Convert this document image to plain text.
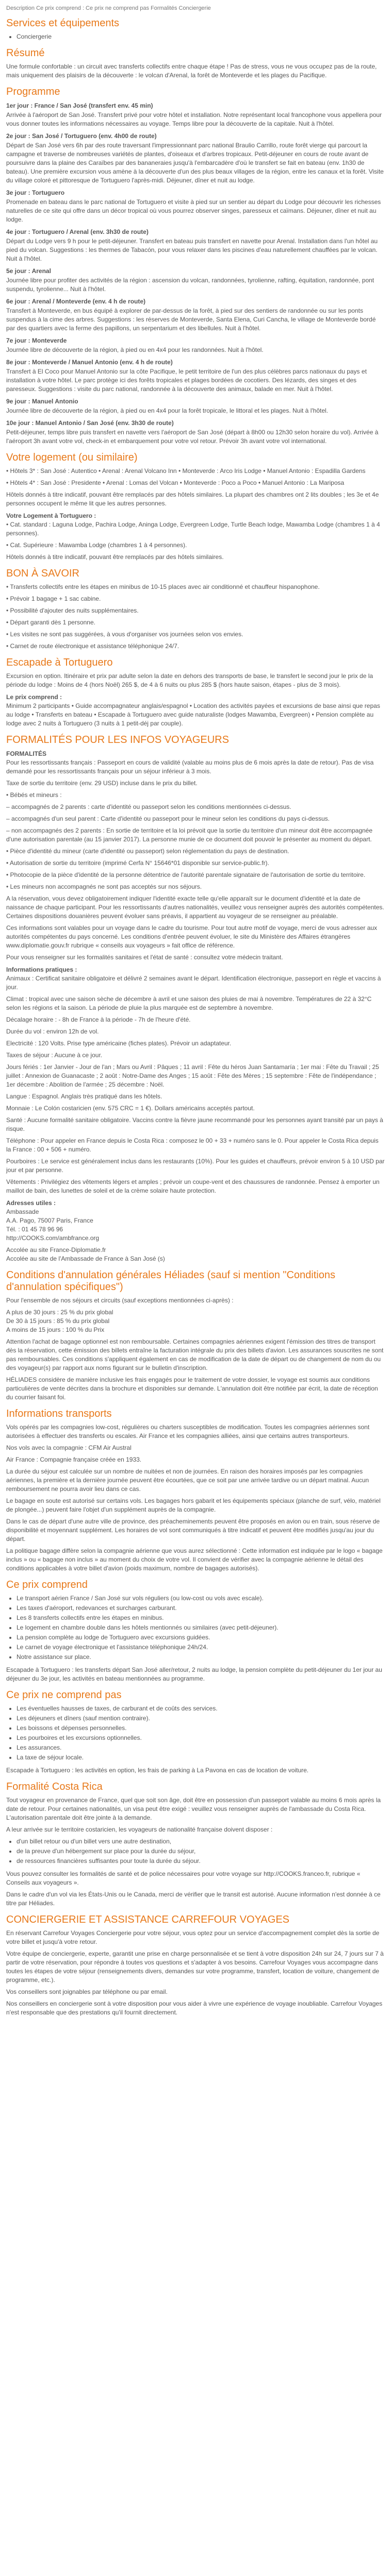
Description Ce prix comprend : Ce prix ne comprend pas Formalités Conciergerie

Services et équipements
• Conciergerie
Résumé

Une formule confortable : un circuit avec transferts collectifs entre chaque étape ! Pas de stress, vous ne vous occupez pas de la route, mais uniquement des plaisirs de la découverte : le volcan d'Arenal, la forêt de Monteverde et les plages du Pacifique.

Programme
1er jour : France / San José (transfert env. 45 min)

Arrivée à l'aéroport de San José. Transfert privé pour votre hôtel et installation. Notre représentant local francophone vous appellera pour vous donner toutes les informations nécessaires au voyage. Temps libre pour la découverte de la capitale. Nuit à l'hôtel.

2e jour : San José / Tortuguero (env. 4h00 de route)

Départ de San José vers 6h par des route traversant l'impressionnant parc national Braulio Carrillo, route forêt vierge qui parcourt la campagne et traverse de nombreuses variétés de plantes, d'oiseaux et d'arbres tropicaux. Petit-déjeuner en cours de route avant de poursuivre dans la plaine des Caraïbes par des bananeraies jusqu'à l'embarcadère d'où le transfert se fait en bateau (env. 1h30 de bateau). Une première excursion vous amène à la découverte d'un des plus beaux villages de la région, entre les canaux et la forêt. Visite du village coloré et pittoresque de Tortuguero l'après-midi. Déjeuner, dîner et nuit au lodge.

3e jour : Tortuguero

Promenade en bateau dans le parc national de Tortuguero et visite à pied sur un sentier au départ du Lodge pour découvrir les richesses naturelles de ce site qui offre dans un décor tropical où vous pourrez observer singes, paresseux et caïmans. Déjeuner, dîner et nuit au lodge.

4e jour : Tortuguero / Arenal (env. 3h30 de route)

Départ du Lodge vers 9 h pour le petit-déjeuner. Transfert en bateau puis transfert en navette pour Arenal. Installation dans l'un hôtel au pied du volcan. Suggestions : les thermes de Tabacón, pour vous relaxer dans les piscines d'eau naturellement chauffées par le volcan. Nuit à l'hôtel.

5e jour : Arenal

Journée libre pour profiter des activités de la région : ascension du volcan, randonnées, tyrolienne, rafting, équitation, randonnée, pont suspendu, tyrolienne... Nuit à l'hôtel.

6e jour : Arenal / Monteverde (env. 4 h de route)

Transfert à Monteverde, en bus équipé à explorer de par-dessus de la forêt, à pied sur des sentiers de randonnée ou sur les ponts suspendus à la cime des arbres. Suggestions : les réserves de Monteverde, Santa Elena, Curi Cancha, le village de Monteverde bordé par des quartiers avec la ferme des papillons, un serpentarium et des libellules. Nuit à l'hôtel.

7e jour : Monteverde

Journée libre de découverte de la région, à pied ou en 4x4 pour les randonnées. Nuit à l'hôtel.

8e jour : Monteverde / Manuel Antonio (env. 4 h de route)

Transfert à El Coco pour Manuel Antonio sur la côte Pacifique, le petit territoire de l'un des plus célèbres parcs nationaux du pays et installation à votre hôtel. Le parc protège ici des forêts tropicales et plages bordées de cocotiers. Des lézards, des singes et des paresseux. Suggestions : visite du parc national, randonnée à la découverte des animaux, balade en mer. Nuit à l'hôtel.

9e jour : Manuel Antonio

Journée libre de découverte de la région, à pied ou en 4x4 pour la forêt tropicale, le littoral et les plages. Nuit à l'hôtel.

10e jour : Manuel Antonio / San José (env. 3h30 de route)

Petit-déjeuner, temps libre puis transfert en navette vers l'aéroport de San José (départ à 8h00 ou 12h30 selon horaire du vol). Arrivée à l'aéroport 3h avant votre vol, check-in et embarquement pour votre vol retour. Prévoir 3h avant votre vol international.

Votre logement (ou similaire)

• Hôtels 3* : San José : Autentico • Arenal : Arenal Volcano Inn • Monteverde : Arco Iris Lodge • Manuel Antonio : Espadilla Gardens

• Hôtels 4* : San José : Presidente • Arenal : Lomas del Volcan • Monteverde : Poco a Poco • Manuel Antonio : La Mariposa

Hôtels donnés à titre indicatif, pouvant être remplacés par des hôtels similaires. La plupart des chambres ont 2 lits doubles ; les 3e et 4e personnes occupent le même lit que les autres personnes.

Votre Logement à Tortuguero :

• Cat. standard : Laguna Lodge, Pachira Lodge, Aninga Lodge, Evergreen Lodge, Turtle Beach lodge, Mawamba Lodge (chambres 1 à 4 personnes).

• Cat. Supérieure : Mawamba Lodge (chambres 1 à 4 personnes).

Hôtels donnés à titre indicatif, pouvant être remplacés par des hôtels similaires.

BON À SAVOIR

• Transferts collectifs entre les étapes en minibus de 10-15 places avec air conditionné et chauffeur hispanophone.

• Prévoir 1 bagage + 1 sac cabine.

• Possibilité d'ajouter des nuits supplémentaires.

• Départ garanti dès 1 personne.

• Les visites ne sont pas suggérées, à vous d'organiser vos journées selon vos envies.

• Carnet de route électronique et assistance téléphonique 24/7.

Escapade à Tortuguero

Excursion en option. Itinéraire et prix par adulte selon la date en dehors des transports de base, le transfert le second jour le prix de la période du lodge : Moins de 4 (hors Noël) 265 $, de 4 à 6 nuits ou plus 285 $ (hors haute saison, étapes - plus de 3 mois).

Le prix comprend :

Minimum 2 participants • Guide accompagnateur anglais/espagnol • Location des activités payées et excursions de base ainsi que repas au lodge • Transferts en bateau • Escapade à Tortuguero avec guide naturaliste (lodges Mawamba, Evergreen) • Pension complète au lodge avec 2 nuits à Tortuguero (3 nuits à 1 petit-déj par couple).

FORMALITÉS POUR LES INFOS VOYAGEURS
FORMALITÉS

Pour les ressortissants français : Passeport en cours de validité (valable au moins plus de 6 mois après la date de retour). Pas de visa demandé pour les ressortissants français pour un séjour inférieur à 3 mois.

Taxe de sortie du territoire (env. 29 USD) incluse dans le prix du billet.

• Bébés et mineurs :

– accompagnés de 2 parents : carte d'identité ou passeport selon les conditions mentionnées ci-dessus.

– accompagnés d'un seul parent : Carte d'identité ou passeport pour le mineur selon les conditions du pays ci-dessus.

– non accompagnés des 2 parents : En sortie de territoire et la loi prévoit que la sortie du territoire d'un mineur doit être accompagnée d'une autorisation parentale (au 15 janvier 2017). La personne munie de ce document doit pouvoir le présenter au moment du départ.

• Pièce d'identité du mineur (carte d'identité ou passeport) selon réglementation du pays de destination.

• Autorisation de sortie du territoire (imprimé Cerfa N° 15646*01 disponible sur service-public.fr).

• Photocopie de la pièce d'identité de la personne détentrice de l'autorité parentale signataire de l'autorisation de sortie du territoire.

• Les mineurs non accompagnés ne sont pas acceptés sur nos séjours.

A la réservation, vous devez obligatoirement indiquer l'identité exacte telle qu'elle apparaît sur le document d'identité et la date de naissance de chaque participant. Pour les ressortissants d'autres nationalités, veuillez vous renseigner auprès des autorités compétentes. Certaines dispositions douanières peuvent évoluer sans préavis, il appartient au voyageur de se renseigner au préalable.

Ces informations sont valables pour un voyage dans le cadre du tourisme. Pour tout autre motif de voyage, merci de vous adresser aux autorités compétentes du pays concerné. Les conditions d'entrée peuvent évoluer, le site du Ministère des Affaires étrangères www.diplomatie.gouv.fr rubrique « conseils aux voyageurs » fait office de référence.

Pour vous renseigner sur les formalités sanitaires et l'état de santé : consultez votre médecin traitant.

Informations pratiques :

Animaux : Certificat sanitaire obligatoire et délivré 2 semaines avant le départ. Identification électronique, passeport en règle et vaccins à jour.

Climat : tropical avec une saison sèche de décembre à avril et une saison des pluies de mai à novembre. Températures de 22 à 32°C selon les régions et la saison. La période de pluie la plus marquée est de septembre à novembre.

Décalage horaire : - 8h de France à la période - 7h de l'heure d'été.

Durée du vol : environ 12h de vol.

Electricité : 120 Volts. Prise type américaine (fiches plates). Prévoir un adaptateur.

Taxes de séjour : Aucune à ce jour.

Jours fériés : 1er Janvier - Jour de l'an ; Mars ou Avril : Pâques ; 11 avril : Fête du héros Juan Santamaría ; 1er mai : Fête du Travail ; 25 juillet : Annexion de Guanacaste ; 2 août : Notre-Dame des Anges ; 15 août : Fête des Mères ; 15 septembre : Fête de l'indépendance ; 1er décembre : Abolition de l'armée ; 25 décembre : Noël.

Langue : Espagnol. Anglais très pratiqué dans les hôtels.

Monnaie : Le Colón costaricien (env. 575 CRC = 1 €). Dollars américains acceptés partout.

Santé : Aucune formalité sanitaire obligatoire. Vaccins contre la fièvre jaune recommandé pour les personnes ayant transité par un pays à risque.

Téléphone : Pour appeler en France depuis le Costa Rica : composez le 00 + 33 + numéro sans le 0. Pour appeler le Costa Rica depuis la France : 00 + 506 + numéro.

Pourboires : Le service est généralement inclus dans les restaurants (10%). Pour les guides et chauffeurs, prévoir environ 5 à 10 USD par jour et par personne.

Vêtements : Privilégiez des vêtements légers et amples ; prévoir un coupe-vent et des chaussures de randonnée. Pensez à emporter un maillot de bain, des lunettes de soleil et de la crème solaire haute protection.

Adresses utiles :

Ambassade

A.A. Pago, 75007 Paris, France

Tél. : 01 45 78 96 96

http://COOKS.com/ambfrance.org

Accolée au site France-Diplomatie.fr

Accolée au site de l'Ambassade de France à San José (s)

Conditions d'annulation générales Héliades (sauf si mention "Conditions d'annulation spécifiques")

Pour l'ensemble de nos séjours et circuits (sauf exceptions mentionnées ci-après) :

A plus de 30 jours : 25 % du prix global

De 30 à 15 jours : 85 % du prix global

A moins de 15 jours : 100 % du Prix

Attention l'achat de bagage optionnel est non remboursable. Certaines compagnies aériennes exigent l'émission des titres de transport dès la réservation, cette émission des billets entraîne la facturation intégrale du prix des billets d'avion. Les assurances souscrites ne sont pas remboursables. Ces conditions s'appliquent également en cas de modification de la date de départ ou de changement de nom du ou des voyageur(s) par rapport aux noms figurant sur le bulletin d'inscription.

HÉLIADES considère de manière inclusive les frais engagés pour le traitement de votre dossier, le voyage est soumis aux conditions particulières de vente décrites dans la brochure et disponibles sur demande. L'annulation doit être notifiée par écrit, la date de réception du courrier faisant foi.

Informations transports

Vols opérés par les compagnies low-cost, régulières ou charters susceptibles de modification. Toutes les compagnies aériennes sont autorisées à effectuer des transferts ou escales. Air France et les compagnies alliées, ainsi que certains autres transporteurs.

Nos vols avec la compagnie : CFM Air Austral

Air France : Compagnie française créée en 1933.

La durée du séjour est calculée sur un nombre de nuitées et non de journées. En raison des horaires imposés par les compagnies aériennes, la première et la dernière journée peuvent être écourtées, que ce soit par une arrivée tardive ou un départ matinal. Aucun remboursement ne pourra avoir lieu dans ce cas.

Le bagage en soute est autorisé sur certains vols. Les bagages hors gabarit et les équipements spéciaux (planche de surf, vélo, matériel de plongée...) peuvent faire l'objet d'un supplément auprès de la compagnie.

Dans le cas de départ d'une autre ville de province, des préacheminements peuvent être proposés en avion ou en train, sous réserve de disponibilité et moyennant supplément. Les horaires de vol sont communiqués à titre indicatif et peuvent être modifiés jusqu'au jour du départ.

La politique bagage diffère selon la compagnie aérienne que vous aurez sélectionné : Cette information est indiquée par le logo « bagage inclus » ou « bagage non inclus » au moment du choix de votre vol. Il convient de vérifier avec la compagnie aérienne le détail des conditions applicables à votre billet d'avion (poids maximum, nombre de bagages autorisés).

Ce prix comprend
• Le transport aérien France / San José sur vols réguliers (ou low-cost ou vols avec escale).
• Les taxes d'aéroport, redevances et surcharges carburant.
• Les 8 transferts collectifs entre les étapes en minibus.
• Le logement en chambre double dans les hôtels mentionnés ou similaires (avec petit-déjeuner).
• La pension complète au lodge de Tortuguero avec excursions guidées.
• Le carnet de voyage électronique et l'assistance téléphonique 24h/24.
• Notre assistance sur place.

Escapade à Tortuguero : les transferts départ San José aller/retour, 2 nuits au lodge, la pension complète du petit-déjeuner du 1er jour au déjeuner du 3e jour, les activités en bateau mentionnées au programme.

Ce prix ne comprend pas
• Les éventuelles hausses de taxes, de carburant et de coûts des services.
• Les déjeuners et dîners (sauf mention contraire).
• Les boissons et dépenses personnelles.
• Les pourboires et les excursions optionnelles.
• Les assurances.
• La taxe de séjour locale.

Escapade à Tortuguero : les activités en option, les frais de parking à La Pavona en cas de location de voiture.

Formalité Costa Rica

Tout voyageur en provenance de France, quel que soit son âge, doit être en possession d'un passeport valable au moins 6 mois après la date de retour. Pour certaines nationalités, un visa peut être exigé : veuillez vous renseigner auprès de l'ambassade du Costa Rica. L'autorisation parentale doit être jointe à la demande.

A leur arrivée sur le territoire costaricien, les voyageurs de nationalité française doivent disposer :

• d'un billet retour ou d'un billet vers une autre destination,
• de la preuve d'un hébergement sur place pour la durée du séjour,
• de ressources financières suffisantes pour toute la durée du séjour.

Vous pouvez consulter les formalités de santé et de police nécessaires pour votre voyage sur http://COOKS.franceo.fr, rubrique « Conseils aux voyageurs ».

Dans le cadre d'un vol via les États-Unis ou le Canada, merci de vérifier que le transit est autorisé. Aucune information n'est donnée à ce titre par Héliades.

CONCIERGERIE ET ASSISTANCE CARREFOUR VOYAGES

En réservant Carrefour Voyages Conciergerie pour votre séjour, vous optez pour un service d'accompagnement complet dès la sortie de votre billet et jusqu'à votre retour.

Votre équipe de conciergerie, experte, garantit une prise en charge personnalisée et se tient à votre disposition 24h sur 24, 7 jours sur 7 à partir de votre réservation, pour répondre à toutes vos questions et s'adapter à vos besoins. Carrefour Voyages vous accompagne dans toutes les étapes de votre séjour (renseignements divers, demandes sur votre programme, transfert, location de voiture, changement de programme, etc.).

Vos conseillers sont joignables par téléphone ou par email.

Nos conseillers en conciergerie sont à votre disposition pour vous aider à vivre une expérience de voyage inoubliable. Carrefour Voyages n'est responsable que des prestations qu'il fournit directement.
